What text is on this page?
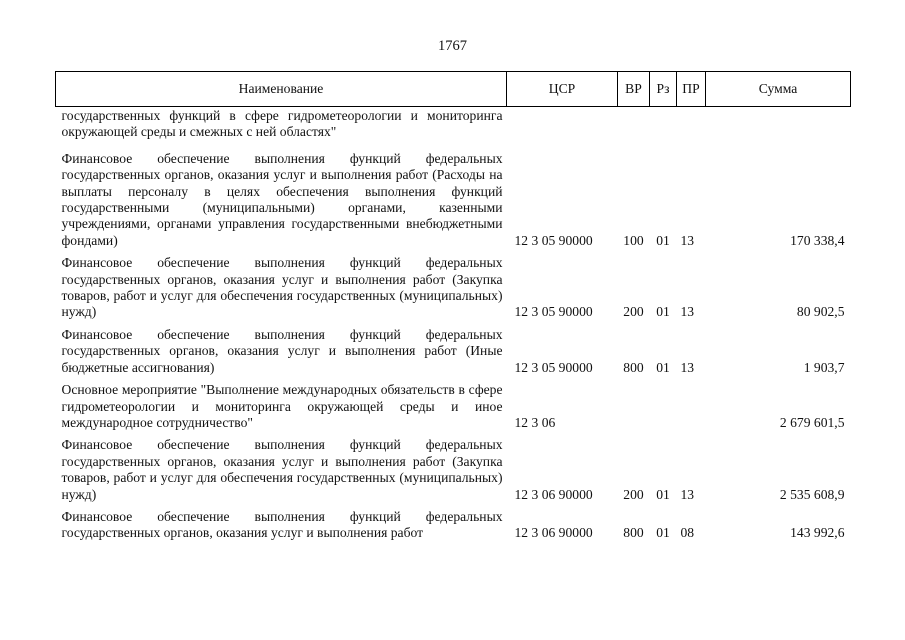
1767
Наименование	ЦСР	ВР	Рз	ПР	Сумма
государственных функций в сфере гидрометеорологии и мониторинга окружающей среды и смежных с ней областях"					
Финансовое обеспечение выполнения функций федеральных государственных органов, оказания услуг и выполнения работ (Расходы на выплаты персоналу в целях обеспечения выполнения функций государственными (муниципальными) органами, казенными учреждениями, органами управления государственными внебюджетными фондами)	12 3 05 90000	100	01	13	170 338,4
Финансовое обеспечение выполнения функций федеральных государственных органов, оказания услуг и выполнения работ (Закупка товаров, работ и услуг для обеспечения государственных (муниципальных) нужд)	12 3 05 90000	200	01	13	80 902,5
Финансовое обеспечение выполнения функций федеральных государственных органов, оказания услуг и выполнения работ (Иные бюджетные ассигнования)	12 3 05 90000	800	01	13	1 903,7
Основное мероприятие "Выполнение международных обязательств в сфере гидрометеорологии и мониторинга окружающей среды и иное международное сотрудничество"	12 3 06				2 679 601,5
Финансовое обеспечение выполнения функций федеральных государственных органов, оказания услуг и выполнения работ (Закупка товаров, работ и услуг для обеспечения государственных (муниципальных) нужд)	12 3 06 90000	200	01	13	2 535 608,9
Финансовое обеспечение выполнения функций федеральных государственных органов, оказания услуг и выполнения работ	12 3 06 90000	800	01	08	143 992,6
